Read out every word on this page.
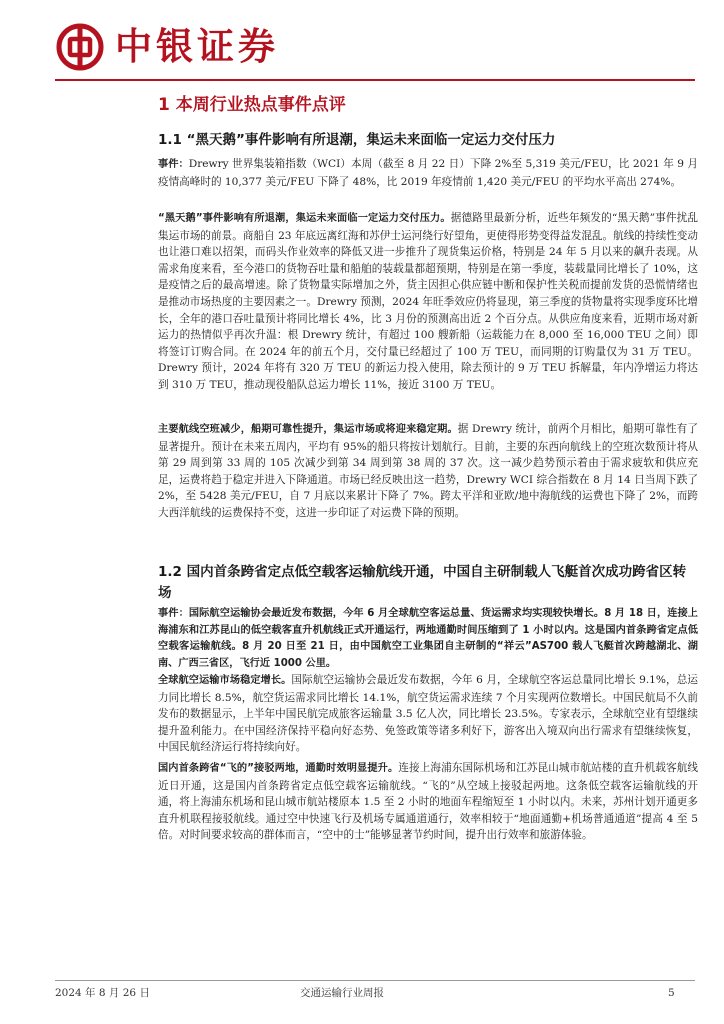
中银证券
1 本周行业热点事件点评
1.1 “黑天鹅”事件影响有所退潮，集运未来面临一定运力交付压力
事件：Drewry 世界集装箱指数（WCI）本周（截至 8 月 22 日）下降 2%至 5,319 美元/FEU，比 2021 年 9 月疫情高峰时的 10,377 美元/FEU 下降了 48%，比 2019 年疫情前 1,420 美元/FEU 的平均水平高出 274%。
“黑天鹅”事件影响有所退潮，集运未来面临一定运力交付压力。据德路里最新分析，近些年频发的“黑天鹅”事件扰乱集运市场的前景。商船自 23 年底远离红海和苏伊士运河绕行好望角，更使得形势变得益发混乱。航线的持续性变动也让港口难以招架，而码头作业效率的降低又进一步推升了现货集运价格，特别是 24 年 5 月以来的飙升表现。从需求角度来看，至今港口的货物吞吐量和船舶的装载量都超预期，特别是在第一季度，装载量同比增长了 10%，这是疫情之后的最高增速。除了货物量实际增加之外，货主因担心供应链中断和保护性关税而提前发货的恐慌情绪也是推动市场热度的主要因素之一。Drewry 预测，2024 年旺季效应仍将显现，第三季度的货物量将实现季度环比增长，全年的港口吞吐量预计将同比增长 4%，比 3 月份的预测高出近 2 个百分点。从供应角度来看，近期市场对新运力的热情似乎再次升温：根 Drewry 统计，有超过 100 艘新船（运载能力在 8,000 至 16,000 TEU 之间）即将签订订购合同。在 2024 年的前五个月，交付量已经超过了 100 万 TEU，而同期的订购量仅为 31 万 TEU。Drewry 预计，2024 年将有 320 万 TEU 的新运力投入使用，除去预计的 9 万 TEU 拆解量，年内净增运力将达到 310 万 TEU，推动现役船队总运力增长 11%，接近 3100 万 TEU。
主要航线空班减少，船期可靠性提升，集运市场或将迎来稳定期。据 Drewry 统计，前两个月相比，船期可靠性有了显著提升。预计在未来五周内，平均有 95%的船只将按计划航行。目前，主要的东西向航线上的空班次数预计将从第 29 周到第 33 周的 105 次减少到第 34 周到第 38 周的 37 次。这一减少趋势预示着由于需求疲软和供应充足，运费将趋于稳定并进入下降通道。市场已经反映出这一趋势，Drewry WCI 综合指数在 8 月 14 日当周下跌了 2%，至 5428 美元/FEU，自 7 月底以来累计下降了 7%。跨太平洋和亚欧/地中海航线的运费也下降了 2%，而跨大西洋航线的运费保持不变，这进一步印证了对运费下降的预期。
1.2 国内首条跨省定点低空载客运输航线开通，中国自主研制载人飞艇首次成功跨省区转场
事件：国际航空运输协会最近发布数据，今年 6 月全球航空客运总量、货运需求均实现较快增长。8 月 18 日，连接上海浦东和江苏昆山的低空载客直升机航线正式开通运行，两地通勤时间压缩到了 1 小时以内。这是国内首条跨省定点低空载客运输航线。8 月 20 日至 21 日，由中国航空工业集团自主研制的“祥云”AS700 载人飞艇首次跨越湖北、湖南、广西三省区，飞行近 1000 公里。
全球航空运输市场稳定增长。国际航空运输协会最近发布数据，今年 6 月，全球航空客运总量同比增长 9.1%，总运力同比增长 8.5%，航空货运需求同比增长 14.1%，航空货运需求连续 7 个月实现两位数增长。中国民航局不久前发布的数据显示，上半年中国民航完成旅客运输量 3.5 亿人次，同比增长 23.5%。专家表示，全球航空业有望继续提升盈利能力。在中国经济保持平稳向好态势、免签政策等诸多利好下，游客出入境双向出行需求有望继续恢复，中国民航经济运行将持续向好。
国内首条跨省“飞的”接驳两地，通勤时效明显提升。连接上海浦东国际机场和江苏昆山城市航站楼的直升机载客航线近日开通，这是国内首条跨省定点低空载客运输航线。“飞的”从空域上接驳起两地。这条低空载客运输航线的开通，将上海浦东机场和昆山城市航站楼原本 1.5 至 2 小时的地面车程缩短至 1 小时以内。未来，苏州计划开通更多直升机联程接驳航线。通过空中快速飞行及机场专属通道通行，效率相较于“地面通勤+机场普通通道”提高 4 至 5 倍。对时间要求较高的群体而言，“空中的士”能够显著节约时间，提升出行效率和旅游体验。
2024 年 8 月 26 日	交通运输行业周报	5
